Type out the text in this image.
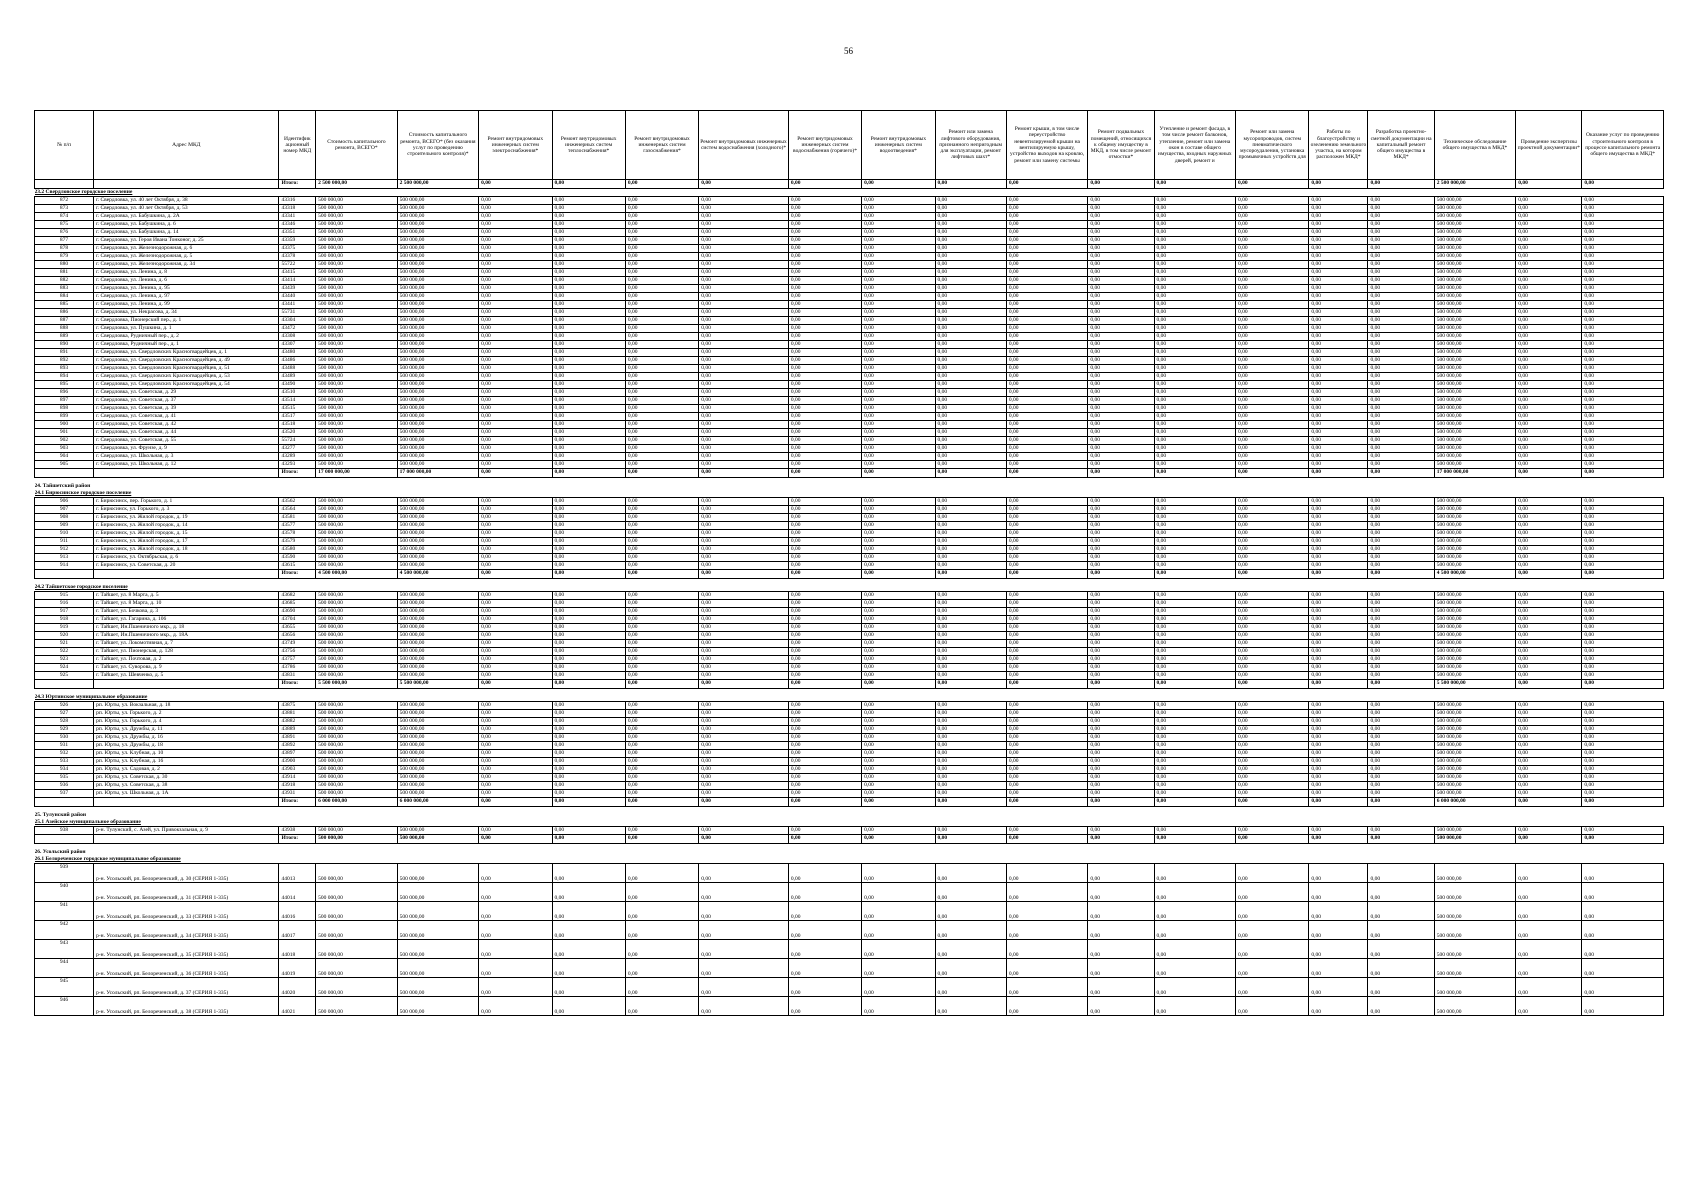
56
№ п/п	Адрес МКД	Идентифик ационный номер МКД	Стоимость капитального ремонта, ВСЕГО*	Стоимость капитального ремонта, ВСЕГО* (без оказания услуг по проведению строительного контроля)*	Ремонт внутридомовых инженерных систем электроснабжения*	Ремонт внутридомовых инженерных систем теплоснабжения*	Ремонт внутридомовых инженерных систем газоснабжения*	Ремонт внутридомовых инженерных систем водоснабжения (холодного)*	Ремонт внутридомовых инженерных систем водоснабжения (горячего)*	Ремонт внутридомовых инженерных систем водоотведения*	Ремонт или замена лифтового оборудования, признанного непригодным для эксплуатации, ремонт лифтовых шахт*	Ремонт крыши, в том числе переустройство невентилируемой крыши на вентилируемую крышу, устройство выходов на кровлю, ремонт или замену системы	Ремонт подвальных помещений, относящихся к общему имуществу в МКД, в том числе ремонт отмостки*	Утепление и ремонт фасада, в том числе ремонт балконов, утепление, ремонт или замена окон в составе общего имущества, входных наружных дверей, ремонт и	Ремонт или замена мусоропроводов, систем пневматического мусороудаления, установка промывочных устройств для	Работы по благоустройству и озеленению земельного участка, на котором расположен МКД*	Разработка проектно-сметной документации на капитальный ремонт общего имущества в МКД*	Техническое обследование общего имущества в МКД*	Проведение экспертизы проектной документации*	Оказание услуг по проведению строительного контроля в процессе капитального ремонта общего имущества в МКД*
		Итого:	2 500 000,00	2 500 000,00	0,00	0,00	0,00	0,00	0,00	0,00	0,00	0,00	0,00	0,00	0,00	0,00	0,00	2 500 000,00	0,00	0,00
23.2 Свердловское городское поселение																				
872	г. Свердловка, ул. 40 лет Октября, д. 38	43316	500 000,00	500 000,00	0,00	0,00	0,00	0,00	0,00	0,00	0,00	0,00	0,00	0,00	0,00	0,00	0,00	500 000,00	0,00	0,00
873	г. Свердловка, ул. 40 лет Октября, д. 53	43318	500 000,00	500 000,00	0,00	0,00	0,00	0,00	0,00	0,00	0,00	0,00	0,00	0,00	0,00	0,00	0,00	500 000,00	0,00	0,00
874	г. Свердловка, ул. Бабушкина, д. 2А	43341	500 000,00	500 000,00	0,00	0,00	0,00	0,00	0,00	0,00	0,00	0,00	0,00	0,00	0,00	0,00	0,00	500 000,00	0,00	0,00
875	г. Свердловка, ул. Бабушкина, д. 6	43346	500 000,00	500 000,00	0,00	0,00	0,00	0,00	0,00	0,00	0,00	0,00	0,00	0,00	0,00	0,00	0,00	500 000,00	0,00	0,00
876	г. Свердловка, ул. Бабушкина, д. 14	43351	500 000,00	500 000,00	0,00	0,00	0,00	0,00	0,00	0,00	0,00	0,00	0,00	0,00	0,00	0,00	0,00	500 000,00	0,00	0,00
877	г. Свердловка, ул. Героя Ивана Тонконог, д. 25	43359	500 000,00	500 000,00	0,00	0,00	0,00	0,00	0,00	0,00	0,00	0,00	0,00	0,00	0,00	0,00	0,00	500 000,00	0,00	0,00
878	г. Свердловка, ул. Железнодорожная, д. 6	43375	500 000,00	500 000,00	0,00	0,00	0,00	0,00	0,00	0,00	0,00	0,00	0,00	0,00	0,00	0,00	0,00	500 000,00	0,00	0,00
879	г. Свердловка, ул. Железнодорожная, д. 5	43378	500 000,00	500 000,00	0,00	0,00	0,00	0,00	0,00	0,00	0,00	0,00	0,00	0,00	0,00	0,00	0,00	500 000,00	0,00	0,00
880	г. Свердловка, ул. Железнодорожная, д. 34	55722	500 000,00	500 000,00	0,00	0,00	0,00	0,00	0,00	0,00	0,00	0,00	0,00	0,00	0,00	0,00	0,00	500 000,00	0,00	0,00
881	г. Свердловка, ул. Ленина, д. 8	43415	500 000,00	500 000,00	0,00	0,00	0,00	0,00	0,00	0,00	0,00	0,00	0,00	0,00	0,00	0,00	0,00	500 000,00	0,00	0,00
882	г. Свердловка, ул. Ленина, д. 6	43414	500 000,00	500 000,00	0,00	0,00	0,00	0,00	0,00	0,00	0,00	0,00	0,00	0,00	0,00	0,00	0,00	500 000,00	0,00	0,00
883	г. Свердловка, ул. Ленина, д. 95	43439	500 000,00	500 000,00	0,00	0,00	0,00	0,00	0,00	0,00	0,00	0,00	0,00	0,00	0,00	0,00	0,00	500 000,00	0,00	0,00
884	г. Свердловка, ул. Ленина, д. 97	43440	500 000,00	500 000,00	0,00	0,00	0,00	0,00	0,00	0,00	0,00	0,00	0,00	0,00	0,00	0,00	0,00	500 000,00	0,00	0,00
885	г. Свердловка, ул. Ленина, д. 99	43441	500 000,00	500 000,00	0,00	0,00	0,00	0,00	0,00	0,00	0,00	0,00	0,00	0,00	0,00	0,00	0,00	500 000,00	0,00	0,00
886	г. Свердловка, ул. Некрасова, д. 34	55731	500 000,00	500 000,00	0,00	0,00	0,00	0,00	0,00	0,00	0,00	0,00	0,00	0,00	0,00	0,00	0,00	500 000,00	0,00	0,00
887	г. Свердловка, Пионерский пер., д. 1	43304	500 000,00	500 000,00	0,00	0,00	0,00	0,00	0,00	0,00	0,00	0,00	0,00	0,00	0,00	0,00	0,00	500 000,00	0,00	0,00
888	г. Свердловка, ул. Пушкина, д. 1	43472	500 000,00	500 000,00	0,00	0,00	0,00	0,00	0,00	0,00	0,00	0,00	0,00	0,00	0,00	0,00	0,00	500 000,00	0,00	0,00
889	г. Свердловка, Рудничный пер., д. 2	43308	500 000,00	500 000,00	0,00	0,00	0,00	0,00	0,00	0,00	0,00	0,00	0,00	0,00	0,00	0,00	0,00	500 000,00	0,00	0,00
890	г. Свердловка, Рудничный пер., д. 1	43307	500 000,00	500 000,00	0,00	0,00	0,00	0,00	0,00	0,00	0,00	0,00	0,00	0,00	0,00	0,00	0,00	500 000,00	0,00	0,00
891	г. Свердловка, ул. Свердловских Красногвардейцев, д. 1	43480	500 000,00	500 000,00	0,00	0,00	0,00	0,00	0,00	0,00	0,00	0,00	0,00	0,00	0,00	0,00	0,00	500 000,00	0,00	0,00
892	г. Свердловка, ул. Свердловских Красногвардейцев, д. 49	43486	500 000,00	500 000,00	0,00	0,00	0,00	0,00	0,00	0,00	0,00	0,00	0,00	0,00	0,00	0,00	0,00	500 000,00	0,00	0,00
893	г. Свердловка, ул. Свердловских Красногвардейцев, д. 51	43488	500 000,00	500 000,00	0,00	0,00	0,00	0,00	0,00	0,00	0,00	0,00	0,00	0,00	0,00	0,00	0,00	500 000,00	0,00	0,00
894	г. Свердловка, ул. Свердловских Красногвардейцев, д. 53	43489	500 000,00	500 000,00	0,00	0,00	0,00	0,00	0,00	0,00	0,00	0,00	0,00	0,00	0,00	0,00	0,00	500 000,00	0,00	0,00
895	г. Свердловка, ул. Свердловских Красногвардейцев, д. 54	43490	500 000,00	500 000,00	0,00	0,00	0,00	0,00	0,00	0,00	0,00	0,00	0,00	0,00	0,00	0,00	0,00	500 000,00	0,00	0,00
896	г. Свердловка, ул. Советская, д. 29	43510	500 000,00	500 000,00	0,00	0,00	0,00	0,00	0,00	0,00	0,00	0,00	0,00	0,00	0,00	0,00	0,00	500 000,00	0,00	0,00
897	г. Свердловка, ул. Советская, д. 37	43514	500 000,00	500 000,00	0,00	0,00	0,00	0,00	0,00	0,00	0,00	0,00	0,00	0,00	0,00	0,00	0,00	500 000,00	0,00	0,00
898	г. Свердловка, ул. Советская, д. 39	43515	500 000,00	500 000,00	0,00	0,00	0,00	0,00	0,00	0,00	0,00	0,00	0,00	0,00	0,00	0,00	0,00	500 000,00	0,00	0,00
899	г. Свердловка, ул. Советская, д. 41	43517	500 000,00	500 000,00	0,00	0,00	0,00	0,00	0,00	0,00	0,00	0,00	0,00	0,00	0,00	0,00	0,00	500 000,00	0,00	0,00
900	г. Свердловка, ул. Советская, д. 42	43518	500 000,00	500 000,00	0,00	0,00	0,00	0,00	0,00	0,00	0,00	0,00	0,00	0,00	0,00	0,00	0,00	500 000,00	0,00	0,00
901	г. Свердловка, ул. Советская, д. 44	43520	500 000,00	500 000,00	0,00	0,00	0,00	0,00	0,00	0,00	0,00	0,00	0,00	0,00	0,00	0,00	0,00	500 000,00	0,00	0,00
902	г. Свердловка, ул. Советская, д. 55	55724	500 000,00	500 000,00	0,00	0,00	0,00	0,00	0,00	0,00	0,00	0,00	0,00	0,00	0,00	0,00	0,00	500 000,00	0,00	0,00
903	г. Свердловка, ул. Фрунзе, д. 9	43277	500 000,00	500 000,00	0,00	0,00	0,00	0,00	0,00	0,00	0,00	0,00	0,00	0,00	0,00	0,00	0,00	500 000,00	0,00	0,00
904	г. Свердловка, ул. Школьная, д. 3	43289	500 000,00	500 000,00	0,00	0,00	0,00	0,00	0,00	0,00	0,00	0,00	0,00	0,00	0,00	0,00	0,00	500 000,00	0,00	0,00
905	г. Свердловка, ул. Школьная, д. 12	43293	500 000,00	500 000,00	0,00	0,00	0,00	0,00	0,00	0,00	0,00	0,00	0,00	0,00	0,00	0,00	0,00	500 000,00	0,00	0,00
		Итого:	17 000 000,00	17 000 000,00	0,00	0,00	0,00	0,00	0,00	0,00	0,00	0,00	0,00	0,00	0,00	0,00	0,00	17 000 000,00	0,00	0,00

24. Тайшетский район																				
24.1 Бирюсинское городское поселение																				
906	г. Бирюсинск, пер. Горького, д. 1	43562	500 000,00	500 000,00	0,00	0,00	0,00	0,00	0,00	0,00	0,00	0,00	0,00	0,00	0,00	0,00	0,00	500 000,00	0,00	0,00
907	г. Бирюсинск, ул. Горького, д. 3	43564	500 000,00	500 000,00	0,00	0,00	0,00	0,00	0,00	0,00	0,00	0,00	0,00	0,00	0,00	0,00	0,00	500 000,00	0,00	0,00
908	г. Бирюсинск, ул. Жилой городок, д. 19	43581	500 000,00	500 000,00	0,00	0,00	0,00	0,00	0,00	0,00	0,00	0,00	0,00	0,00	0,00	0,00	0,00	500 000,00	0,00	0,00
909	г. Бирюсинск, ул. Жилой городок, д. 14	43577	500 000,00	500 000,00	0,00	0,00	0,00	0,00	0,00	0,00	0,00	0,00	0,00	0,00	0,00	0,00	0,00	500 000,00	0,00	0,00
910	г. Бирюсинск, ул. Жилой городок, д. 15	43578	500 000,00	500 000,00	0,00	0,00	0,00	0,00	0,00	0,00	0,00	0,00	0,00	0,00	0,00	0,00	0,00	500 000,00	0,00	0,00
911	г. Бирюсинск, ул. Жилой городок, д. 17	43579	500 000,00	500 000,00	0,00	0,00	0,00	0,00	0,00	0,00	0,00	0,00	0,00	0,00	0,00	0,00	0,00	500 000,00	0,00	0,00
912	г. Бирюсинск, ул. Жилой городок, д. 18	43580	500 000,00	500 000,00	0,00	0,00	0,00	0,00	0,00	0,00	0,00	0,00	0,00	0,00	0,00	0,00	0,00	500 000,00	0,00	0,00
913	г. Бирюсинск, ул. Октябрьская, д. 6	43590	500 000,00	500 000,00	0,00	0,00	0,00	0,00	0,00	0,00	0,00	0,00	0,00	0,00	0,00	0,00	0,00	500 000,00	0,00	0,00
914	г. Бирюсинск, ул. Советская, д. 20	43615	500 000,00	500 000,00	0,00	0,00	0,00	0,00	0,00	0,00	0,00	0,00	0,00	0,00	0,00	0,00	0,00	500 000,00	0,00	0,00
		Итого:	4 500 000,00	4 500 000,00	0,00	0,00	0,00	0,00	0,00	0,00	0,00	0,00	0,00	0,00	0,00	0,00	0,00	4 500 000,00	0,00	0,00

24.2 Тайшетское городское поселение																				
915	г. Тайшет, ул. 8 Марта, д. 5	43682	500 000,00	500 000,00	0,00	0,00	0,00	0,00	0,00	0,00	0,00	0,00	0,00	0,00	0,00	0,00	0,00	500 000,00	0,00	0,00
916	г. Тайшет, ул. 8 Марта, д. 10	43685	500 000,00	500 000,00	0,00	0,00	0,00	0,00	0,00	0,00	0,00	0,00	0,00	0,00	0,00	0,00	0,00	500 000,00	0,00	0,00
917	г. Тайшет, ул. Бочкова, д. 3	43690	500 000,00	500 000,00	0,00	0,00	0,00	0,00	0,00	0,00	0,00	0,00	0,00	0,00	0,00	0,00	0,00	500 000,00	0,00	0,00
918	г. Тайшет, ул. Гагарина, д. 106	43704	500 000,00	500 000,00	0,00	0,00	0,00	0,00	0,00	0,00	0,00	0,00	0,00	0,00	0,00	0,00	0,00	500 000,00	0,00	0,00
919	г. Тайшет, Ин.Пшеничного мкр., д. 18	43655	500 000,00	500 000,00	0,00	0,00	0,00	0,00	0,00	0,00	0,00	0,00	0,00	0,00	0,00	0,00	0,00	500 000,00	0,00	0,00
920	г. Тайшет, Ин.Пшеничного мкр., д. 18А	43656	500 000,00	500 000,00	0,00	0,00	0,00	0,00	0,00	0,00	0,00	0,00	0,00	0,00	0,00	0,00	0,00	500 000,00	0,00	0,00
921	г. Тайшет, ул. Локомотивная, д. 7	43749	500 000,00	500 000,00	0,00	0,00	0,00	0,00	0,00	0,00	0,00	0,00	0,00	0,00	0,00	0,00	0,00	500 000,00	0,00	0,00
922	г. Тайшет, ул. Пионерская, д. 128	43756	500 000,00	500 000,00	0,00	0,00	0,00	0,00	0,00	0,00	0,00	0,00	0,00	0,00	0,00	0,00	0,00	500 000,00	0,00	0,00
923	г. Тайшет, ул. Почтовая, д. 2	43757	500 000,00	500 000,00	0,00	0,00	0,00	0,00	0,00	0,00	0,00	0,00	0,00	0,00	0,00	0,00	0,00	500 000,00	0,00	0,00
924	г. Тайшет, ул. Суворова, д. 9	43786	500 000,00	500 000,00	0,00	0,00	0,00	0,00	0,00	0,00	0,00	0,00	0,00	0,00	0,00	0,00	0,00	500 000,00	0,00	0,00
925	г. Тайшет, ул. Шевченко, д. 5	43831	500 000,00	500 000,00	0,00	0,00	0,00	0,00	0,00	0,00	0,00	0,00	0,00	0,00	0,00	0,00	0,00	500 000,00	0,00	0,00
		Итого:	5 500 000,00	5 500 000,00	0,00	0,00	0,00	0,00	0,00	0,00	0,00	0,00	0,00	0,00	0,00	0,00	0,00	5 500 000,00	0,00	0,00

24.3 Юртинское муниципальное образование																				
926	рп. Юрты, ул. Вокзальная, д. 18	43875	500 000,00	500 000,00	0,00	0,00	0,00	0,00	0,00	0,00	0,00	0,00	0,00	0,00	0,00	0,00	0,00	500 000,00	0,00	0,00
927	рп. Юрты, ул. Горького, д. 2	43881	500 000,00	500 000,00	0,00	0,00	0,00	0,00	0,00	0,00	0,00	0,00	0,00	0,00	0,00	0,00	0,00	500 000,00	0,00	0,00
928	рп. Юрты, ул. Горького, д. 4	43882	500 000,00	500 000,00	0,00	0,00	0,00	0,00	0,00	0,00	0,00	0,00	0,00	0,00	0,00	0,00	0,00	500 000,00	0,00	0,00
929	рп. Юрты, ул. Дружбы, д. 11	43889	500 000,00	500 000,00	0,00	0,00	0,00	0,00	0,00	0,00	0,00	0,00	0,00	0,00	0,00	0,00	0,00	500 000,00	0,00	0,00
930	рп. Юрты, ул. Дружбы, д. 16	43891	500 000,00	500 000,00	0,00	0,00	0,00	0,00	0,00	0,00	0,00	0,00	0,00	0,00	0,00	0,00	0,00	500 000,00	0,00	0,00
931	рп. Юрты, ул. Дружбы, д. 18	43892	500 000,00	500 000,00	0,00	0,00	0,00	0,00	0,00	0,00	0,00	0,00	0,00	0,00	0,00	0,00	0,00	500 000,00	0,00	0,00
932	рп. Юрты, ул. Клубная, д. 10	43897	500 000,00	500 000,00	0,00	0,00	0,00	0,00	0,00	0,00	0,00	0,00	0,00	0,00	0,00	0,00	0,00	500 000,00	0,00	0,00
933	рп. Юрты, ул. Клубная, д. 16	43900	500 000,00	500 000,00	0,00	0,00	0,00	0,00	0,00	0,00	0,00	0,00	0,00	0,00	0,00	0,00	0,00	500 000,00	0,00	0,00
934	рп. Юрты, ул. Садовая, д. 2	43903	500 000,00	500 000,00	0,00	0,00	0,00	0,00	0,00	0,00	0,00	0,00	0,00	0,00	0,00	0,00	0,00	500 000,00	0,00	0,00
935	рп. Юрты, ул. Советская, д. 30	43914	500 000,00	500 000,00	0,00	0,00	0,00	0,00	0,00	0,00	0,00	0,00	0,00	0,00	0,00	0,00	0,00	500 000,00	0,00	0,00
936	рп. Юрты, ул. Советская, д. 38	43918	500 000,00	500 000,00	0,00	0,00	0,00	0,00	0,00	0,00	0,00	0,00	0,00	0,00	0,00	0,00	0,00	500 000,00	0,00	0,00
937	рп. Юрты, ул. Школьная, д. 1А	43931	500 000,00	500 000,00	0,00	0,00	0,00	0,00	0,00	0,00	0,00	0,00	0,00	0,00	0,00	0,00	0,00	500 000,00	0,00	0,00
		Итого:	6 000 000,00	6 000 000,00	0,00	0,00	0,00	0,00	0,00	0,00	0,00	0,00	0,00	0,00	0,00	0,00	0,00	6 000 000,00	0,00	0,00

25. Тулунский район																				
25.1 Азейское муниципальное образование																				
938	р-н. Тулунский, с. Азей, ул. Привокзальная, д. 9	43938	500 000,00	500 000,00	0,00	0,00	0,00	0,00	0,00	0,00	0,00	0,00	0,00	0,00	0,00	0,00	0,00	500 000,00	0,00	0,00
		Итого:	500 000,00	500 000,00	0,00	0,00	0,00	0,00	0,00	0,00	0,00	0,00	0,00	0,00	0,00	0,00	0,00	500 000,00	0,00	0,00

26. Усольский район																				
26.1 Белореченское городское муниципальное образование																				
939	р-н. Усольский, рп. Белореченский, д. 30 (СЕРИЯ 1-335)	44013	500 000,00	500 000,00	0,00	0,00	0,00	0,00	0,00	0,00	0,00	0,00	0,00	0,00	0,00	0,00	0,00	500 000,00	0,00	0,00
940	р-н. Усольский, рп. Белореченский, д. 31 (СЕРИЯ 1-335)	44014	500 000,00	500 000,00	0,00	0,00	0,00	0,00	0,00	0,00	0,00	0,00	0,00	0,00	0,00	0,00	0,00	500 000,00	0,00	0,00
941	р-н. Усольский, рп. Белореченский, д. 33 (СЕРИЯ 1-335)	44016	500 000,00	500 000,00	0,00	0,00	0,00	0,00	0,00	0,00	0,00	0,00	0,00	0,00	0,00	0,00	0,00	500 000,00	0,00	0,00
942	р-н. Усольский, рп. Белореченский, д. 34 (СЕРИЯ 1-335)	44017	500 000,00	500 000,00	0,00	0,00	0,00	0,00	0,00	0,00	0,00	0,00	0,00	0,00	0,00	0,00	0,00	500 000,00	0,00	0,00
943	р-н. Усольский, рп. Белореченский, д. 35 (СЕРИЯ 1-335)	44018	500 000,00	500 000,00	0,00	0,00	0,00	0,00	0,00	0,00	0,00	0,00	0,00	0,00	0,00	0,00	0,00	500 000,00	0,00	0,00
944	р-н. Усольский, рп. Белореченский, д. 36 (СЕРИЯ 1-335)	44019	500 000,00	500 000,00	0,00	0,00	0,00	0,00	0,00	0,00	0,00	0,00	0,00	0,00	0,00	0,00	0,00	500 000,00	0,00	0,00
945	р-н. Усольский, рп. Белореченский, д. 37 (СЕРИЯ 1-335)	44020	500 000,00	500 000,00	0,00	0,00	0,00	0,00	0,00	0,00	0,00	0,00	0,00	0,00	0,00	0,00	0,00	500 000,00	0,00	0,00
946	р-н. Усольский, рп. Белореченский, д. 38 (СЕРИЯ 1-335)	44021	500 000,00	500 000,00	0,00	0,00	0,00	0,00	0,00	0,00	0,00	0,00	0,00	0,00	0,00	0,00	0,00	500 000,00	0,00	0,00
